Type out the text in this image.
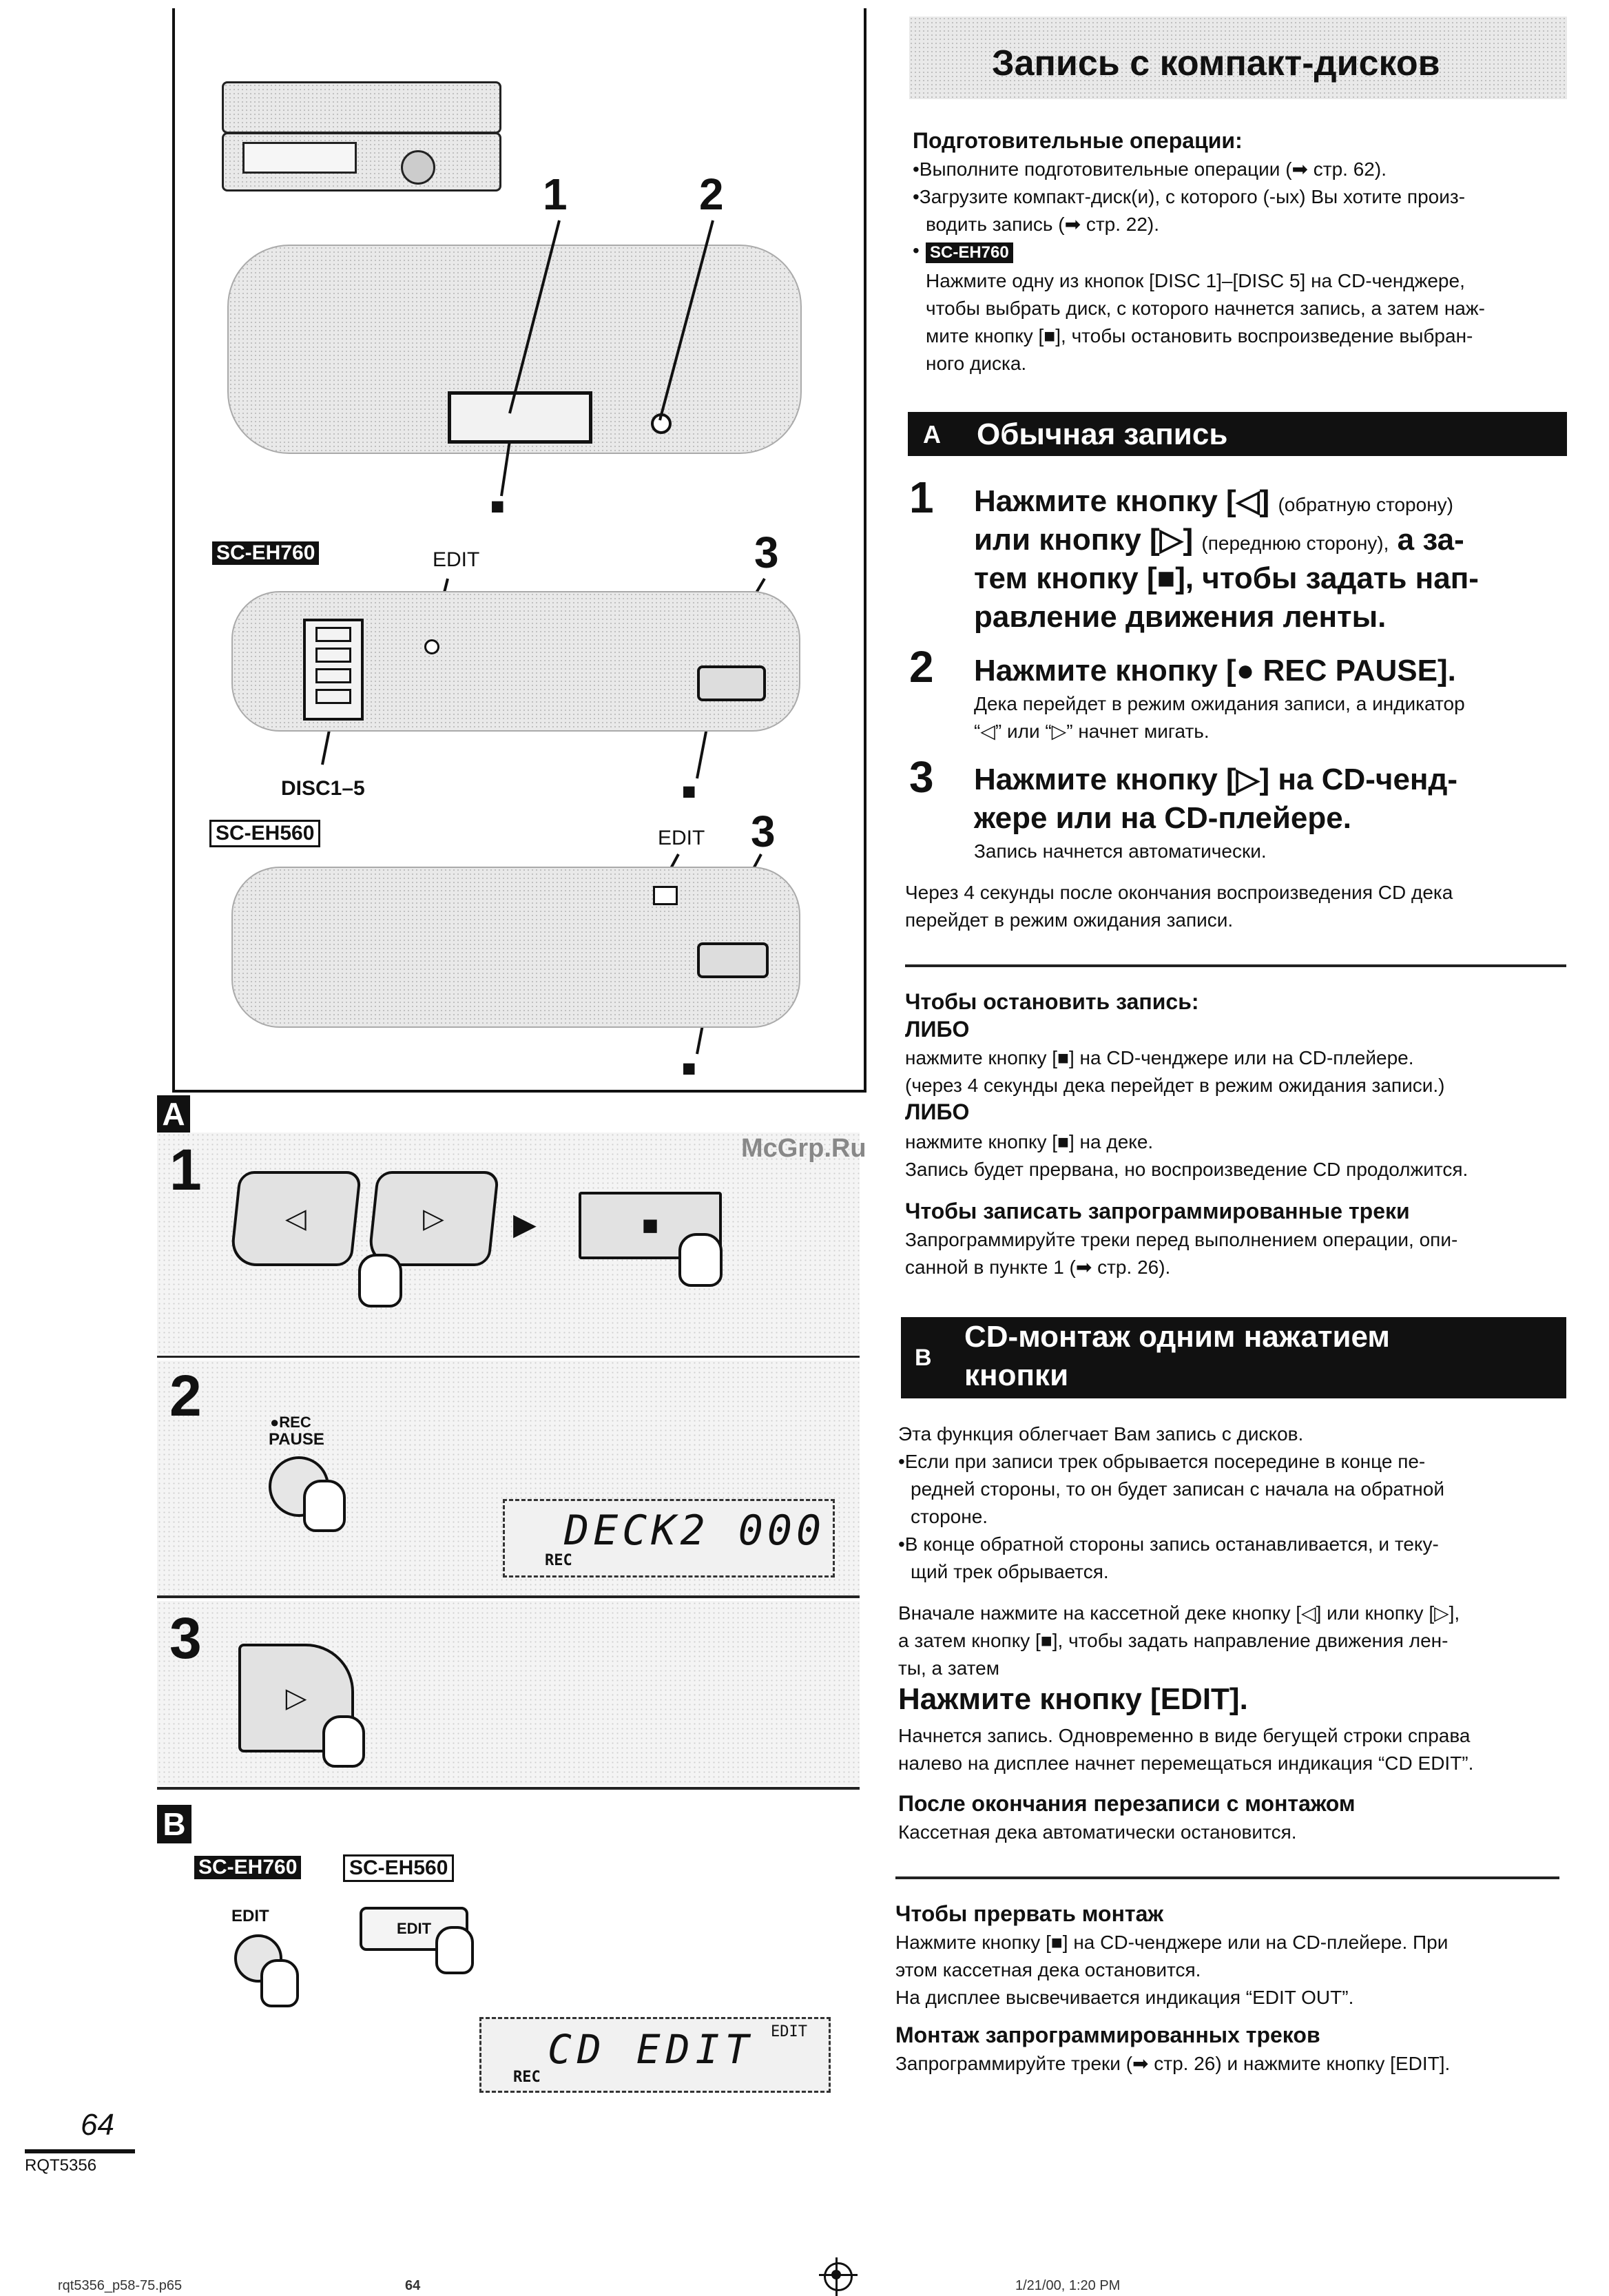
1	2
■
SC-EH760	EDIT	3
DISC1–5	■
SC-EH560	EDIT 3
■
A
1
◁	▷ ▶	■
2	●REC
PAUSE
DECK2 000
REC
3
▷
B
SC-EH760	SC-EH560
EDIT
EDIT
CD EDIT EDIT
REC
64
RQT5356
Запись с компакт-дисков
Подготовительные операции:
•Выполните подготовительные операции (➡ стр. 62).
•Загрузите компакт-диск(и), с которого (-ых) Вы хотите произ-
водить запись (➡ стр. 22).
• SC-EH760
Нажмите одну из кнопок [DISC 1]–[DISC 5] на CD-ченджере,
чтобы выбрать диск, с которого начнется запись, а затем наж-
мите кнопку [■], чтобы остановить воспроизведение выбран-
ного диска.
A Обычная запись
1 Нажмите кнопку [◁] (обратную сторону)
или кнопку [▷] (переднюю сторону), а за-
тем кнопку [■], чтобы задать нап-
равление движения ленты.
2 Нажмите кнопку [● REC PAUSE].
Дека перейдет в режим ожидания записи, а индикатор
“◁” или “▷” начнет мигать.
3 Нажмите кнопку [▷] на CD-ченд-
жере или на CD-плейере.
Запись начнется автоматически.
Через 4 секунды после окончания воспроизведения CD дека
перейдет в режим ожидания записи.
Чтобы остановить запись:
ЛИБО
нажмите кнопку [■] на CD-ченджере или на CD-плейере.
(через 4 секунды дека перейдет в режим ожидания записи.)
ЛИБО
нажмите кнопку [■] на деке.
Запись будет прервана, но воспроизведение CD продолжится.
McGrp.Ru
Чтобы записать запрограммированные треки
Запрограммируйте треки перед выполнением операции, опи-
санной в пункте 1 (➡ стр. 26).
B
CD-монтаж одним нажатием
кнопки
Эта функция облегчает Вам запись с дисков.
•Если при записи трек обрывается посередине в конце пе-
редней стороны, то он будет записан с начала на обратной
стороне.
•В конце обратной стороны запись останавливается, и теку-
щий трек обрывается.
Вначале нажмите на кассетной деке кнопку [◁] или кнопку [▷],
а затем кнопку [■], чтобы задать направление движения лен-
ты, а затем
Нажмите кнопку [EDIT].
Начнется запись. Одновременно в виде бегущей строки справа
налево на дисплее начнет перемещаться индикация “CD EDIT”.
После окончания перезаписи с монтажом
Кассетная дека автоматически остановится.
Чтобы прервать монтаж
Нажмите кнопку [■] на CD-ченджере или на CD-плейере. При
этом кассетная дека остановится.
На дисплее высвечивается индикация “EDIT OUT”.
Монтаж запрограммированных треков
Запрограммируйте треки (➡ стр. 26) и нажмите кнопку [EDIT].
rqt5356_p58-75.p65	64	1/21/00, 1:20 PM
